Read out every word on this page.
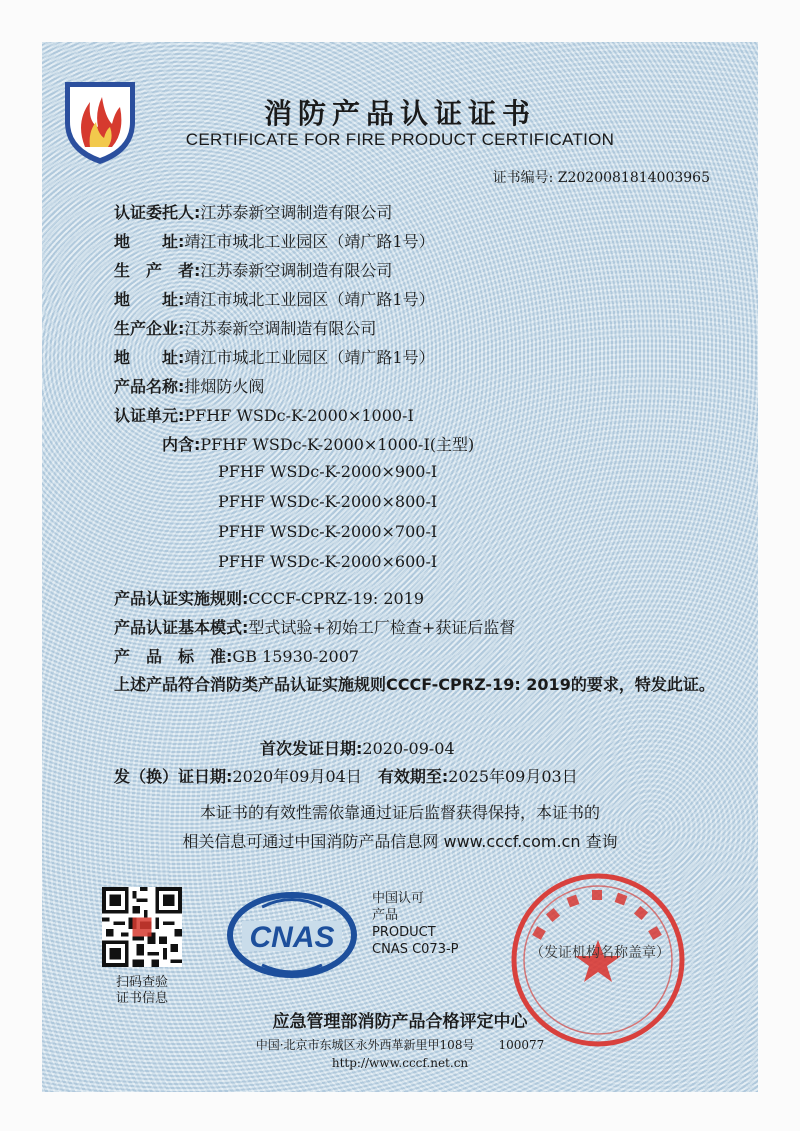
消防产品认证证书
CERTIFICATE FOR FIRE PRODUCT CERTIFICATION
证书编号: Z2020081814003965
认证委托人:江苏泰新空调制造有限公司
地　　址:靖江市城北工业园区（靖广路1号）
生　产　者:江苏泰新空调制造有限公司
地　　址:靖江市城北工业园区（靖广路1号）
生产企业:江苏泰新空调制造有限公司
地　　址:靖江市城北工业园区（靖广路1号）
产品名称:排烟防火阀
认证单元:PFHF WSDc-K-2000×1000-I
内含:PFHF WSDc-K-2000×1000-I(主型)
PFHF WSDc-K-2000×900-I
PFHF WSDc-K-2000×800-I
PFHF WSDc-K-2000×700-I
PFHF WSDc-K-2000×600-I
产品认证实施规则:CCCF-CPRZ-19: 2019
产品认证基本模式:型式试验+初始工厂检查+获证后监督
产　品　标　准:GB 15930-2007
上述产品符合消防类产品认证实施规则CCCF-CPRZ-19: 2019的要求，特发此证。
首次发证日期:2020-09-04
发（换）证日期:2020年09月04日　 有效期至:2025年09月03日
本证书的有效性需依靠通过证后监督获得保持，本证书的
相关信息可通过中国消防产品信息网 www.cccf.com.cn 查询
扫码查验
证书信息
CNAS
中国认可
产品
PRODUCT
CNAS C073-P	（发证机构名称盖章）
应急管理部消防产品合格评定中心
中国·北京市东城区永外西革新里甲108号　　100077
http://www.cccf.net.cn
